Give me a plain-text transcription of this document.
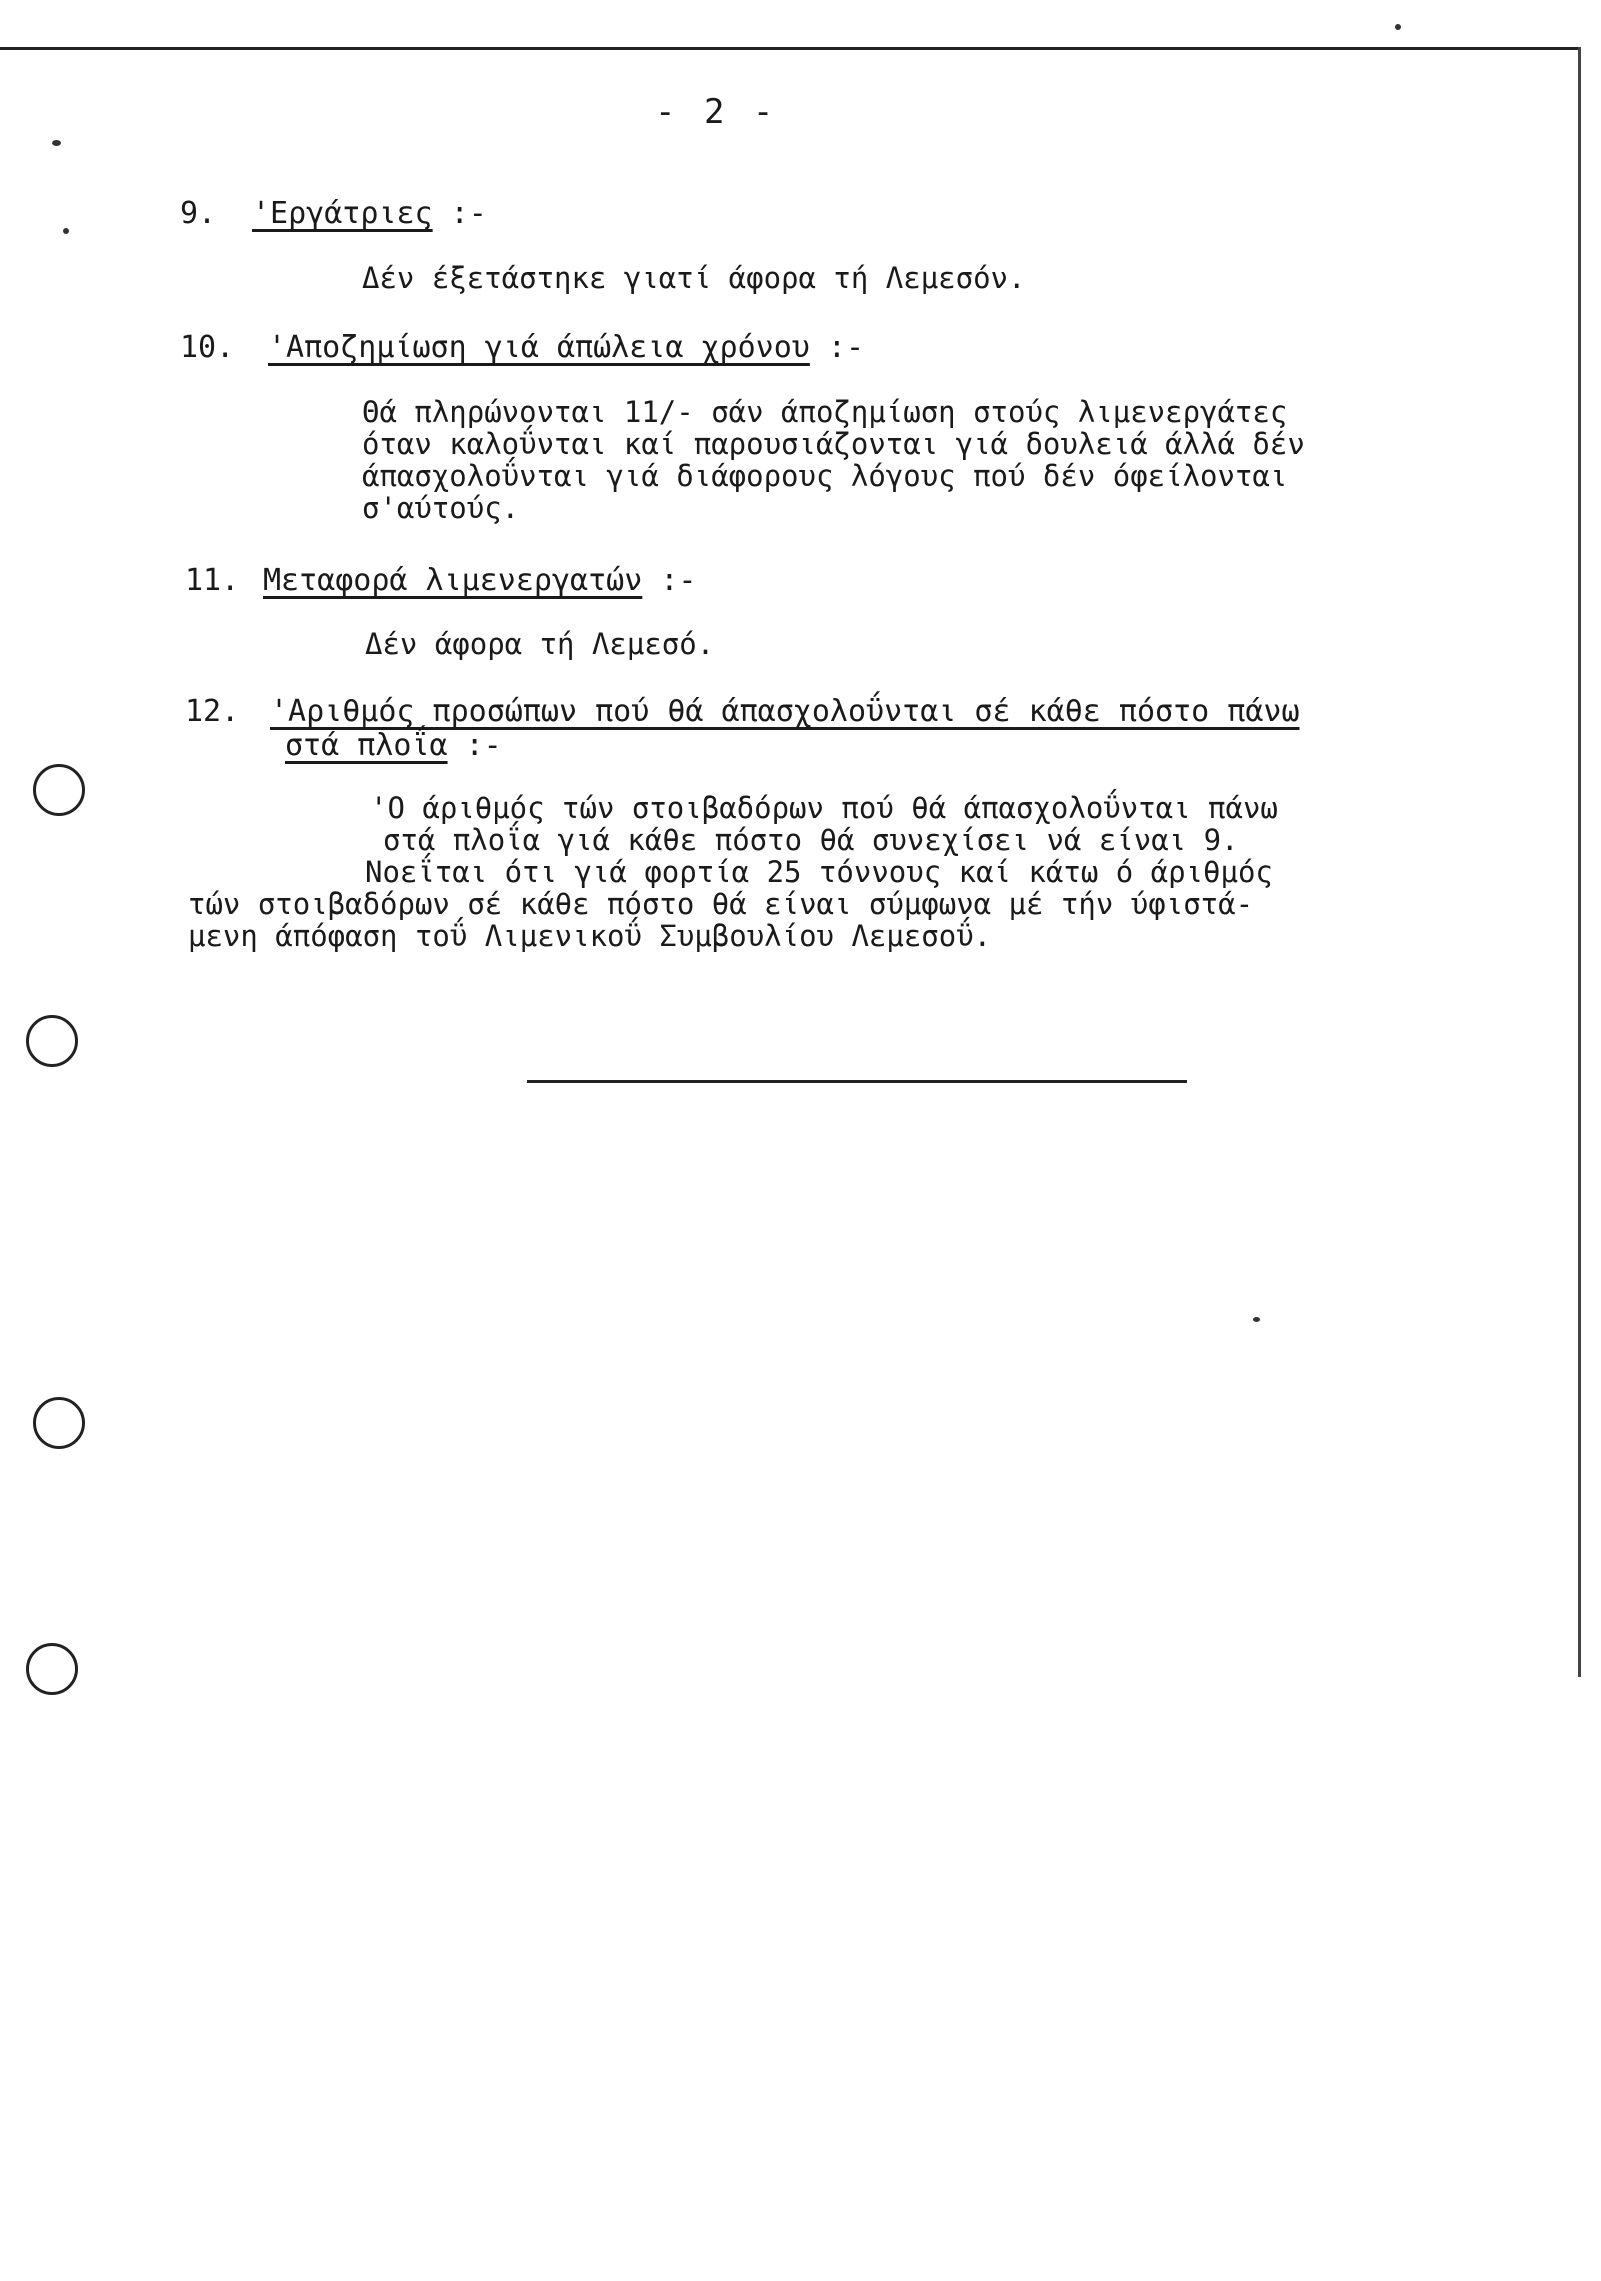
- 2 -
9. 'Εργάτριες :-
Δέν έξετάστηκε γιατί άφορα τή Λεμεσόν.
10. 'Αποζημίωση γιά άπώλεια χρόνου :-
Θά πληρώνονται 11/- σάν άποζημίωση στούς λιμενεργάτες
όταν καλοΰνται καί παρουσιάζονται γιά δουλειά άλλά δέν
άπασχολοΰνται γιά διάφορους λόγους πού δέν όφείλονται
σ'αύτούς.
11. Μεταφορά λιμενεργατών :-
Δέν άφορα τή Λεμεσό.
12. 'Αριθμός προσώπων πού θά άπασχολοΰνται σέ κάθε πόστο πάνω
στά πλοΐα :-
'Ο άριθμός τών στοιβαδόρων πού θά άπασχολοΰνται πάνω
στά πλοΐα γιά κάθε πόστο θά συνεχίσει νά είναι 9.
Νοεΐται ότι γιά φορτία 25 τόννους καί κάτω ό άριθμός
τών στοιβαδόρων σέ κάθε πόστο θά είναι σύμφωνα μέ τήν ύφιστά-
μενη άπόφαση τοΰ Λιμενικοΰ Συμβουλίου Λεμεσοΰ.
